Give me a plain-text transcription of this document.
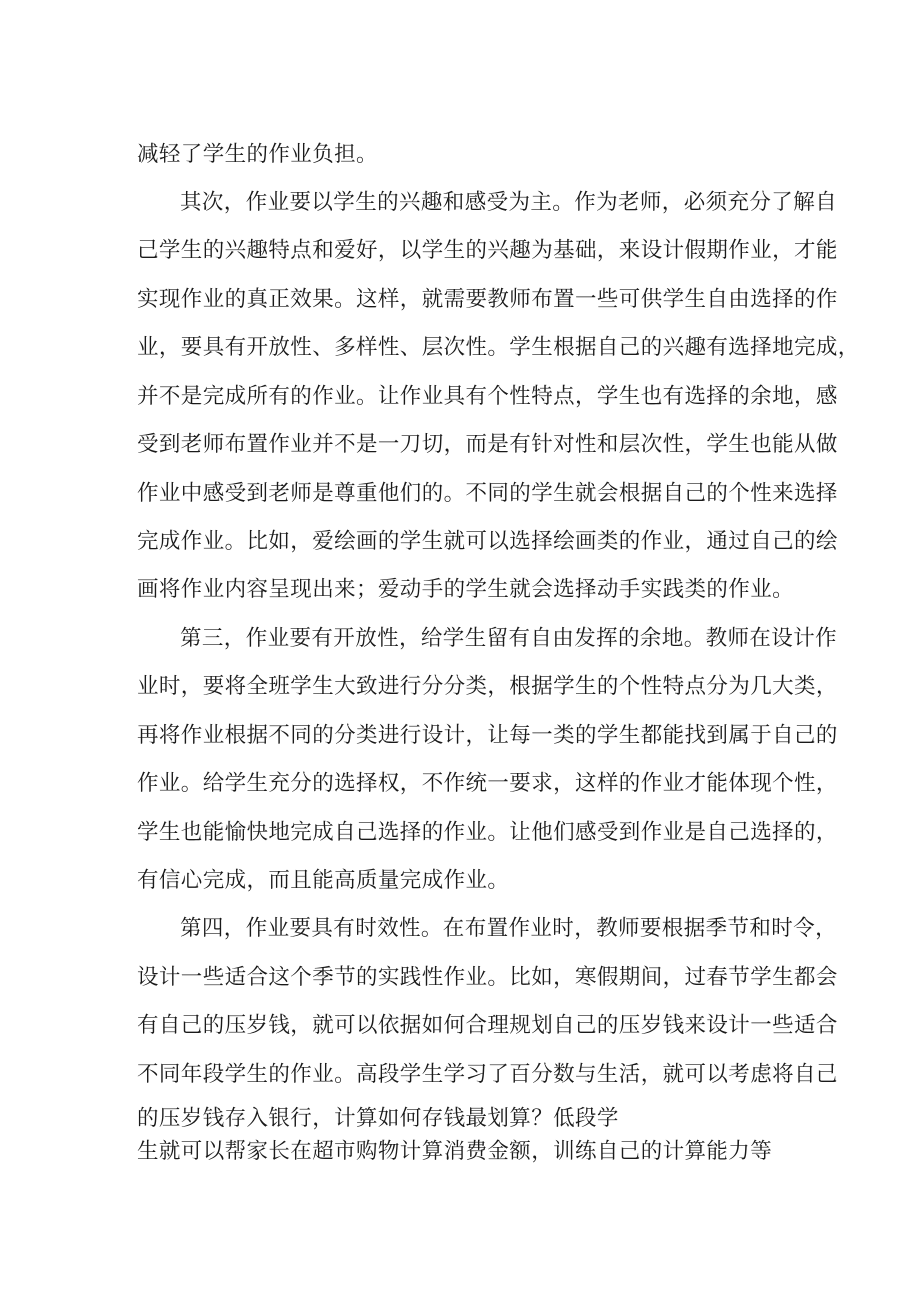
减轻了学生的作业负担。
其次，作业要以学生的兴趣和感受为主。作为老师，必须充分了解自
己学生的兴趣特点和爱好，以学生的兴趣为基础，来设计假期作业，才能
实现作业的真正效果。这样，就需要教师布置一些可供学生自由选择的作
业，要具有开放性、多样性、层次性。学生根据自己的兴趣有选择地完成，
并不是完成所有的作业。让作业具有个性特点，学生也有选择的余地，感
受到老师布置作业并不是一刀切，而是有针对性和层次性，学生也能从做
作业中感受到老师是尊重他们的。不同的学生就会根据自己的个性来选择
完成作业。比如，爱绘画的学生就可以选择绘画类的作业，通过自己的绘
画将作业内容呈现出来；爱动手的学生就会选择动手实践类的作业。
第三，作业要有开放性，给学生留有自由发挥的余地。教师在设计作
业时，要将全班学生大致进行分分类，根据学生的个性特点分为几大类，
再将作业根据不同的分类进行设计，让每一类的学生都能找到属于自己的
作业。给学生充分的选择权，不作统一要求，这样的作业才能体现个性，
学生也能愉快地完成自己选择的作业。让他们感受到作业是自己选择的，
有信心完成，而且能高质量完成作业。
第四，作业要具有时效性。在布置作业时，教师要根据季节和时令，
设计一些适合这个季节的实践性作业。比如，寒假期间，过春节学生都会
有自己的压岁钱，就可以依据如何合理规划自己的压岁钱来设计一些适合
不同年段学生的作业。高段学生学习了百分数与生活，就可以考虑将自己
的压岁钱存入银行，计算如何存钱最划算？低段学
生就可以帮家长在超市购物计算消费金额，训练自己的计算能力等
